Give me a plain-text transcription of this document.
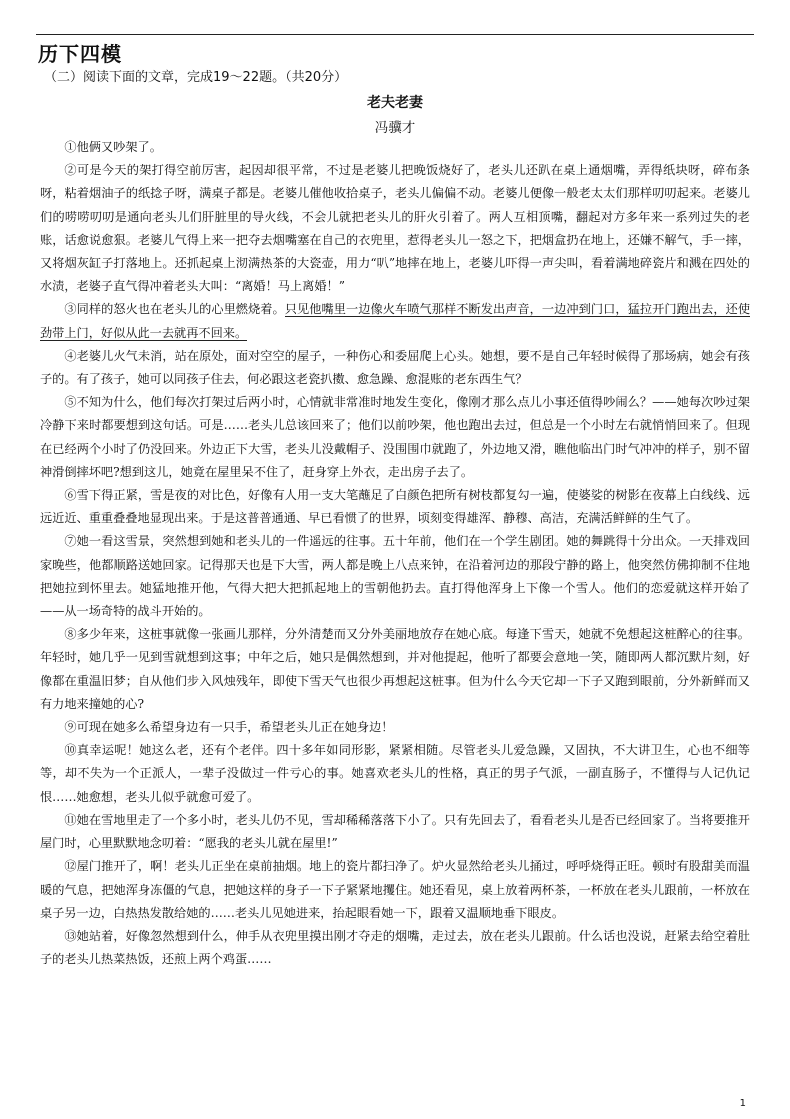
历下四模
（二）阅读下面的文章，完成19～22题。（共20分）
老夫老妻
冯骥才

①他俩又吵架了。

②可是今天的架打得空前厉害，起因却很平常，不过是老婆儿把晚饭烧好了，老头儿还趴在桌上通烟嘴，弄得纸块呀，碎布条呀，粘着烟油子的纸捻子呀，满桌子都是。老婆儿催他收拾桌子，老头儿偏偏不动。老婆儿便像一般老太太们那样叨叨起来。老婆儿们的唠唠叨叨是通向老头儿们肝脏里的导火线，不会儿就把老头儿的肝火引着了。两人互相顶嘴，翻起对方多年来一系列过失的老账，话愈说愈狠。老婆儿气得上来一把夺去烟嘴塞在自己的衣兜里，惹得老头儿一怒之下，把烟盒扔在地上，还嫌不解气，手一摔，又将烟灰缸子打落地上。还抓起桌上沏满热茶的大瓷壶，用力“叭”地摔在地上，老婆儿吓得一声尖叫，看着满地碎瓷片和溅在四处的水渍，老婆子直气得冲着老头大叫：“离婚！马上离婚！”

③同样的怒火也在老头儿的心里燃烧着。只见他嘴里一边像火车喷气那样不断发出声音，一边冲到门口，猛拉开门跑出去，还使劲带上门，好似从此一去就再不回来。

④老婆儿火气未消，站在原处，面对空空的屋子，一种伤心和委屈爬上心头。她想，要不是自己年轻时候得了那场病，她会有孩子的。有了孩子，她可以同孩子住去，何必跟这老瓷扒擞、愈急躁、愈混账的老东西生气？

⑤不知为什么，他们每次打架过后两小时，心情就非常准时地发生变化，像刚才那么点儿小事还值得吵闹么？——她每次吵过架冷静下来时都要想到这句话。可是……老头儿总该回来了；他们以前吵架，他也跑出去过，但总是一个小时左右就悄悄回来了。但现在已经两个小时了仍没回来。外边正下大雪，老头儿没戴帽子、没围围巾就跑了，外边地又滑，瞧他临出门时气冲冲的样子，别不留神滑倒摔坏吧?想到这儿，她竟在屋里呆不住了，赶身穿上外衣，走出房子去了。

⑥雪下得正紧，雪是夜的对比色，好像有人用一支大笔蘸足了白颜色把所有树枝都复勾一遍，使婆娑的树影在夜幕上白线线、远远近近、重重叠叠地显现出来。于是这普普通通、早已看惯了的世界，顷刻变得雄浑、静穆、高洁，充满活鲜鲜的生气了。

⑦她一看这雪景，突然想到她和老头儿的一件遥远的往事。五十年前，他们在一个学生剧团。她的舞跳得十分出众。一天排戏回家晚些，他都顺路送她回家。记得那天也是下大雪，两人都是晚上八点来钟，在沿着河边的那段宁静的路上，他突然仿佛抑制不住地把她拉到怀里去。她猛地推开他，气得大把大把抓起地上的雪朝他扔去。直打得他浑身上下像一个雪人。他们的恋爱就这样开始了——从一场奇特的战斗开始的。

⑧多少年来，这桩事就像一张画儿那样，分外清楚而又分外美丽地放存在她心底。每逢下雪天，她就不免想起这桩醉心的往事。年轻时，她几乎一见到雪就想到这事；中年之后，她只是偶然想到，并对他提起，他听了都要会意地一笑，随即两人都沉默片刻，好像都在重温旧梦；自从他们步入风烛残年，即使下雪天气也很少再想起这桩事。但为什么今天它却一下子又跑到眼前，分外新鲜而又有力地来撞她的心?

⑨可现在她多么希望身边有一只手，希望老头儿正在她身边！

⑩真幸运呢！她这么老，还有个老伴。四十多年如同形影，紧紧相随。尽管老头儿爱急躁，又固执，不大讲卫生，心也不细等等，却不失为一个正派人，一辈子没做过一件亏心的事。她喜欢老头儿的性格，真正的男子气派，一副直肠子，不懂得与人记仇记恨……她愈想，老头儿似乎就愈可爱了。

⑪她在雪地里走了一个多小时，老头儿仍不见，雪却稀稀落落下小了。只有先回去了，看看老头儿是否已经回家了。当将要推开屋门时，心里默默地念叨着：“愿我的老头儿就在屋里!”

⑫屋门推开了，啊！老头儿正坐在桌前抽烟。地上的瓷片都扫净了。炉火显然给老头儿捅过，呼呼烧得正旺。顿时有股甜美而温暖的气息，把她浑身冻僵的气息，把她这样的身子一下子紧紧地攫住。她还看见，桌上放着两杯茶，一杯放在老头儿跟前，一杯放在桌子另一边，白热热发散给她的……老头儿见她进来，抬起眼看她一下，跟着又温顺地垂下眼皮。

⑬她站着，好像忽然想到什么，伸手从衣兜里摸出刚才夺走的烟嘴，走过去，放在老头儿跟前。什么话也没说，赶紧去给空着肚子的老头儿热菜热饭，还煎上两个鸡蛋……

1
